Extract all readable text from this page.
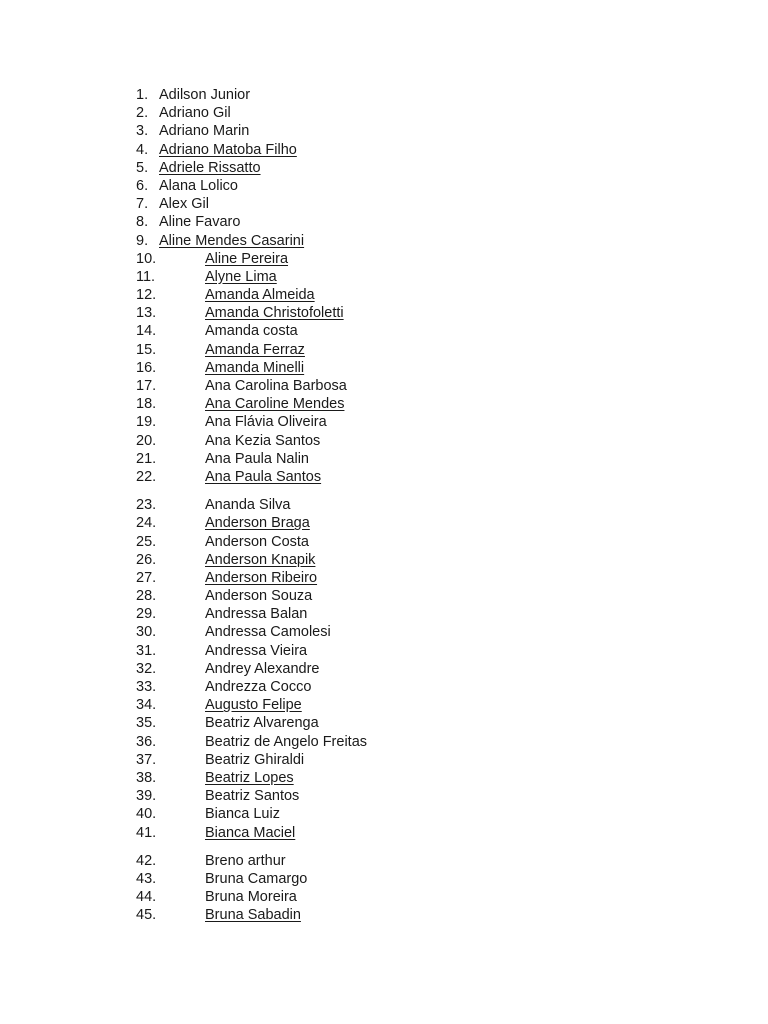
1. Adilson Junior
2. Adriano Gil
3. Adriano Marin
4. Adriano Matoba Filho
5. Adriele Rissatto
6. Alana Lolico
7. Alex Gil
8. Aline Favaro
9. Aline Mendes Casarini
10.	Aline Pereira
11.	Alyne Lima
12.	Amanda Almeida
13.	Amanda Christofoletti
14.	Amanda costa
15.	Amanda Ferraz
16.	Amanda Minelli
17.	Ana Carolina Barbosa
18.	Ana Caroline Mendes
19.	Ana Flávia Oliveira
20.	Ana Kezia Santos
21.	Ana Paula Nalin
22.	Ana Paula Santos
23.	Ananda Silva
24.	Anderson Braga
25.	Anderson Costa
26.	Anderson Knapik
27.	Anderson Ribeiro
28.	Anderson Souza
29.	Andressa Balan
30.	Andressa Camolesi
31.	Andressa Vieira
32.	Andrey Alexandre
33.	Andrezza Cocco
34.	Augusto Felipe
35.	Beatriz Alvarenga
36.	Beatriz de Angelo Freitas
37.	Beatriz Ghiraldi
38.	Beatriz Lopes
39.	Beatriz Santos
40.	Bianca Luiz
41.	Bianca Maciel
42.	Breno arthur
43.	Bruna Camargo
44.	Bruna Moreira
45.	Bruna Sabadin
